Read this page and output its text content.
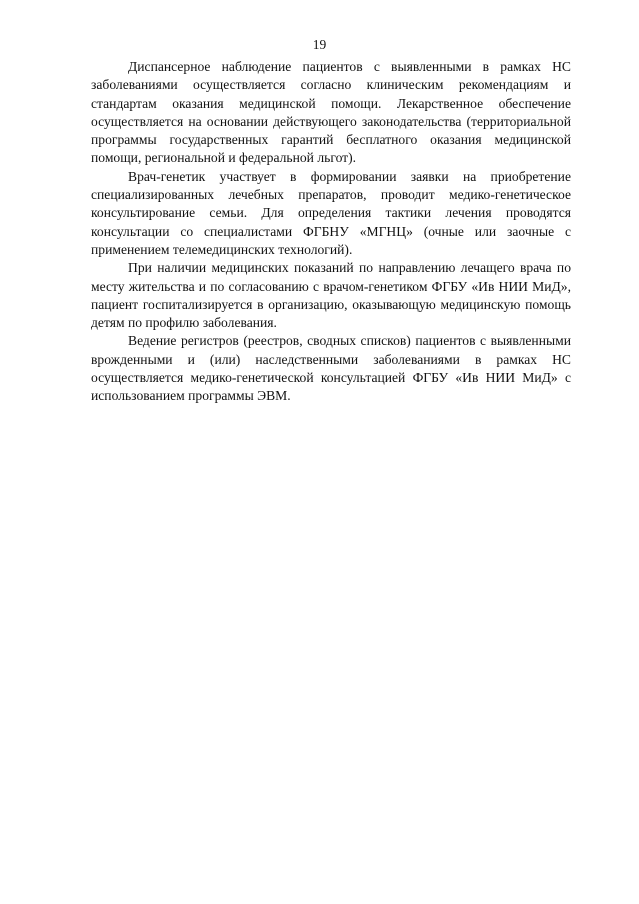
19

Диспансерное наблюдение пациентов с выявленными в рамках НС заболеваниями осуществляется согласно клиническим рекомендациям и стандартам оказания медицинской помощи. Лекарственное обеспечение осуществляется на основании действующего законодательства (территориальной программы государственных гарантий бесплатного оказания медицинской помощи, региональной и федеральной льгот).

Врач-генетик участвует в формировании заявки на приобретение специализированных лечебных препаратов, проводит медико-генетическое консультирование семьи. Для определения тактики лечения проводятся консультации со специалистами ФГБНУ «МГНЦ» (очные или заочные с применением телемедицинских технологий).

При наличии медицинских показаний по направлению лечащего врача по месту жительства и по согласованию с врачом-генетиком ФГБУ «Ив НИИ МиД», пациент госпитализируется в организацию, оказывающую медицинскую помощь детям по профилю заболевания.

Ведение регистров (реестров, сводных списков) пациентов с выявленными врожденными и (или) наследственными заболеваниями в рамках НС осуществляется медико-генетической консультацией ФГБУ «Ив НИИ МиД» с использованием программы ЭВМ.
